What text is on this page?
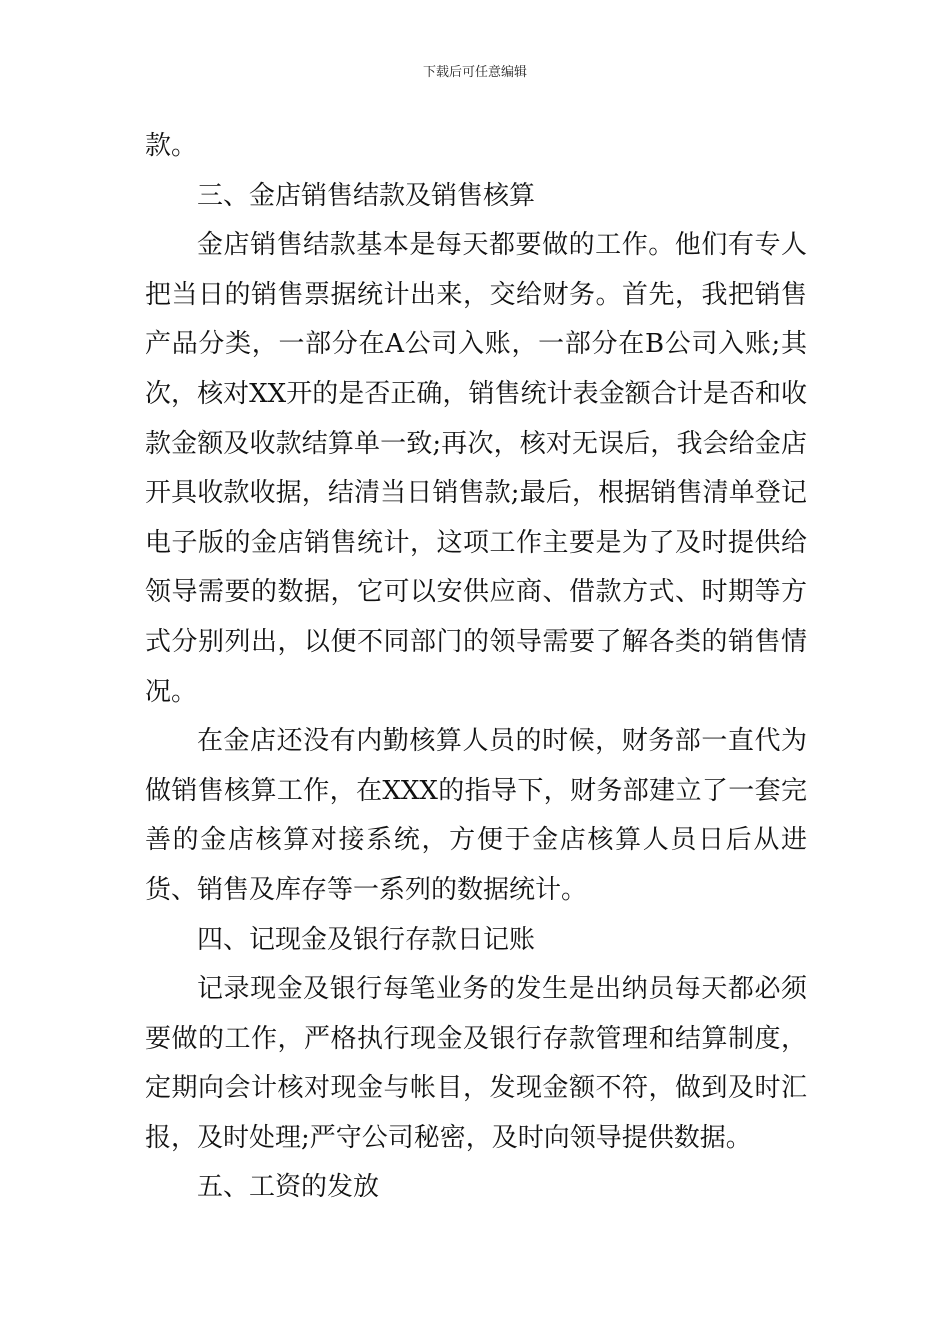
下载后可任意编辑

款。

三、金店销售结款及销售核算

金店销售结款基本是每天都要做的工作。他们有专人把当日的销售票据统计出来，交给财务。首先，我把销售产品分类，一部分在A公司入账，一部分在B公司入账;其次，核对XX开的是否正确，销售统计表金额合计是否和收款金额及收款结算单一致;再次，核对无误后，我会给金店开具收款收据，结清当日销售款;最后，根据销售清单登记电子版的金店销售统计，这项工作主要是为了及时提供给领导需要的数据，它可以安供应商、借款方式、时期等方式分别列出，以便不同部门的领导需要了解各类的销售情况。

在金店还没有内勤核算人员的时候，财务部一直代为做销售核算工作，在XXX的指导下，财务部建立了一套完善的金店核算对接系统，方便于金店核算人员日后从进货、销售及库存等一系列的数据统计。

四、记现金及银行存款日记账

记录现金及银行每笔业务的发生是出纳员每天都必须要做的工作，严格执行现金及银行存款管理和结算制度，定期向会计核对现金与帐目，发现金额不符，做到及时汇报，及时处理;严守公司秘密，及时向领导提供数据。

五、工资的发放
